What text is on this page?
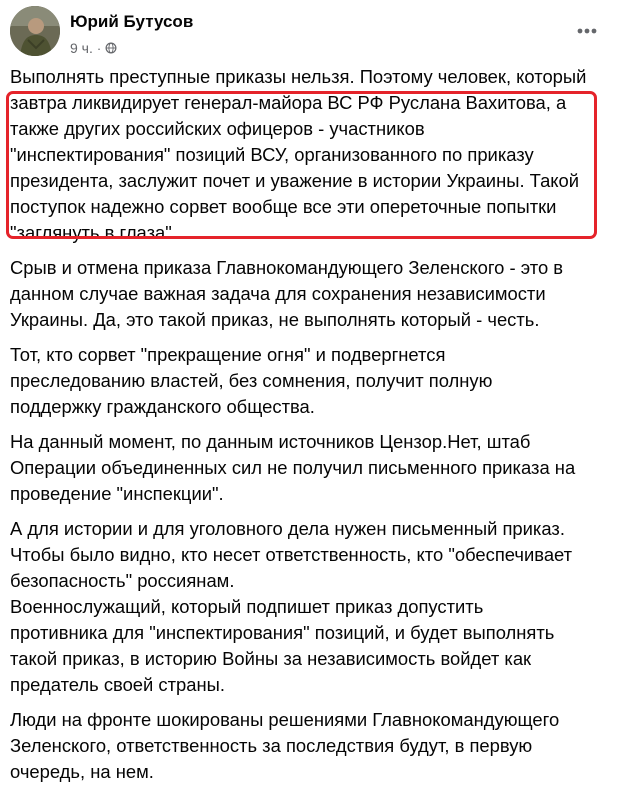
Юрий Бутусов
9 ч. ·

Выполнять преступные приказы нельзя. Поэтому человек, который
завтра ликвидирует генерал-майора ВС РФ Руслана Вахитова, а
также других российских офицеров - участников
"инспектирования" позиций ВСУ, организованного по приказу
президента, заслужит почет и уважение в истории Украины. Такой
поступок надежно сорвет вообще все эти опереточные попытки
"заглянуть в глаза".

Срыв и отмена приказа Главнокомандующего Зеленского - это в
данном случае важная задача для сохранения независимости
Украины. Да, это такой приказ, не выполнять который - честь.

Тот, кто сорвет "прекращение огня" и подвергнется
преследованию властей, без сомнения, получит полную
поддержку гражданского общества.

На данный момент, по данным источников Цензор.Нет, штаб
Операции объединенных сил не получил письменного приказа на
проведение "инспекции".

А для истории и для уголовного дела нужен письменный приказ.
Чтобы было видно, кто несет ответственность, кто "обеспечивает
безопасность" россиянам.
Военнослужащий, который подпишет приказ допустить
противника для "инспектирования" позиций, и будет выполнять
такой приказ, в историю Войны за независимость войдет как
предатель своей страны.

Люди на фронте шокированы решениями Главнокомандующего
Зеленского, ответственность за последствия будут, в первую
очередь, на нем.
